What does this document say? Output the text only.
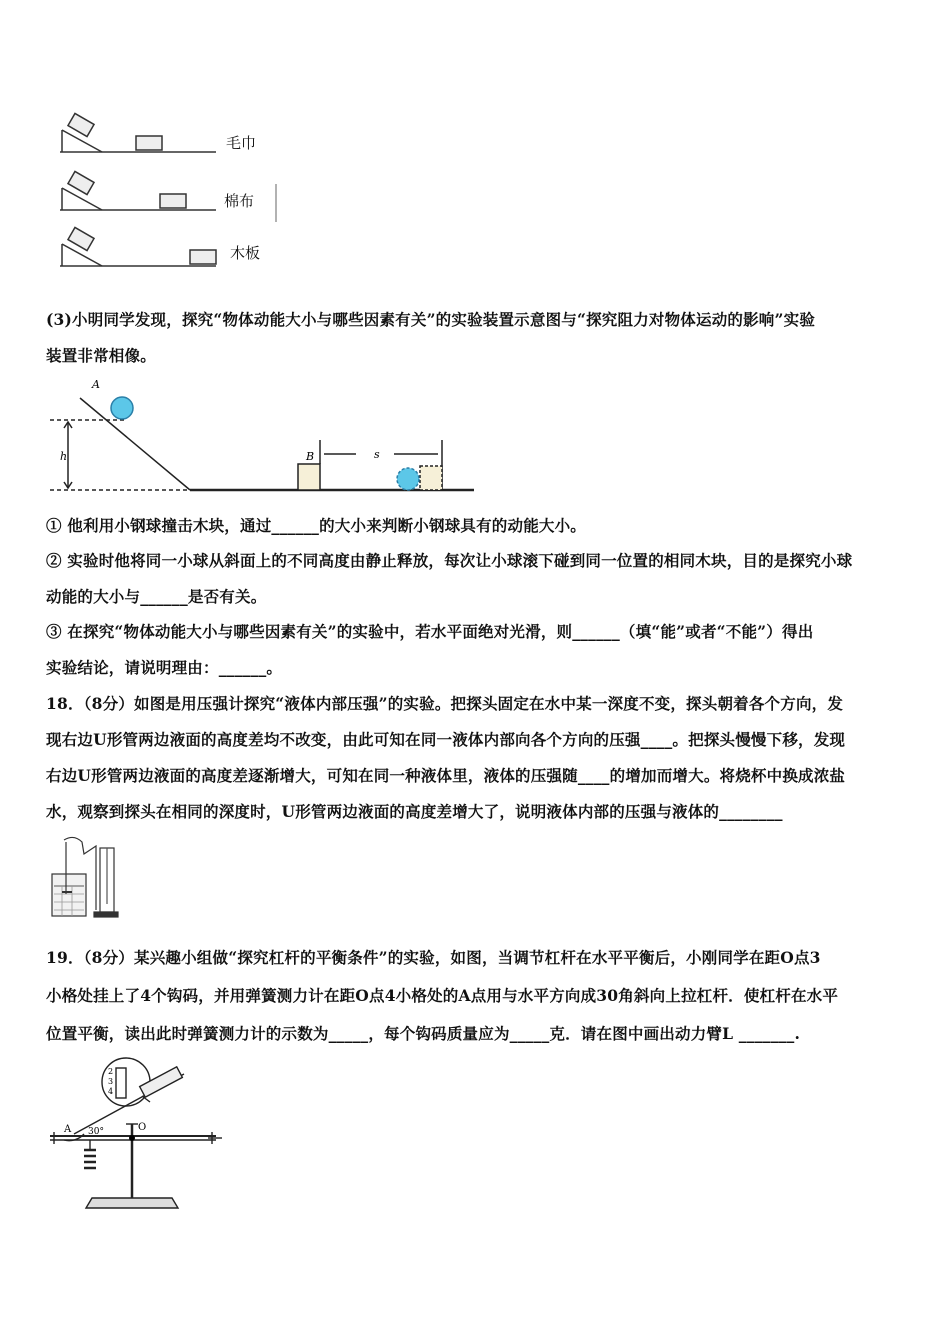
毛巾
棉布
木板
(3)小明同学发现，探究“物体动能大小与哪些因素有关”的实验装置示意图与“探究阻力对物体运动的影响”实验
装置非常相像。
A
B
h	s
① 他利用小钢球撞击木块，通过______的大小来判断小钢球具有的动能大小。
② 实验时他将同一小球从斜面上的不同高度由静止释放，每次让小球滚下碰到同一位置的相同木块，目的是探究小球
动能的大小与______是否有关。
③ 在探究“物体动能大小与哪些因素有关”的实验中，若水平面绝对光滑，则______（填“能”或者“不能”）得出
实验结论，请说明理由：______。
18．（8分）如图是用压强计探究“液体内部压强”的实验。把探头固定在水中某一深度不变，探头朝着各个方向，发
现右边U形管两边液面的高度差均不改变，由此可知在同一液体内部向各个方向的压强____。把探头慢慢下移，发现
右边U形管两边液面的高度差逐渐增大，可知在同一种液体里，液体的压强随____的增加而增大。将烧杯中换成浓盐
水，观察到探头在相同的深度时，U形管两边液面的高度差增大了，说明液体内部的压强与液体的________
19．（8分）某兴趣小组做“探究杠杆的平衡条件”的实验，如图，当调节杠杆在水平平衡后，小刚同学在距O点3
小格处挂上了4个钩码，并用弹簧测力计在距O点4小格处的A点用与水平方向成30角斜向上拉杠杆．使杠杆在水平
位置平衡，读出此时弹簧测力计的示数为_____，每个钩码质量应为_____克．请在图中画出动力臂L _______.
A	O
30°
2
3
4
